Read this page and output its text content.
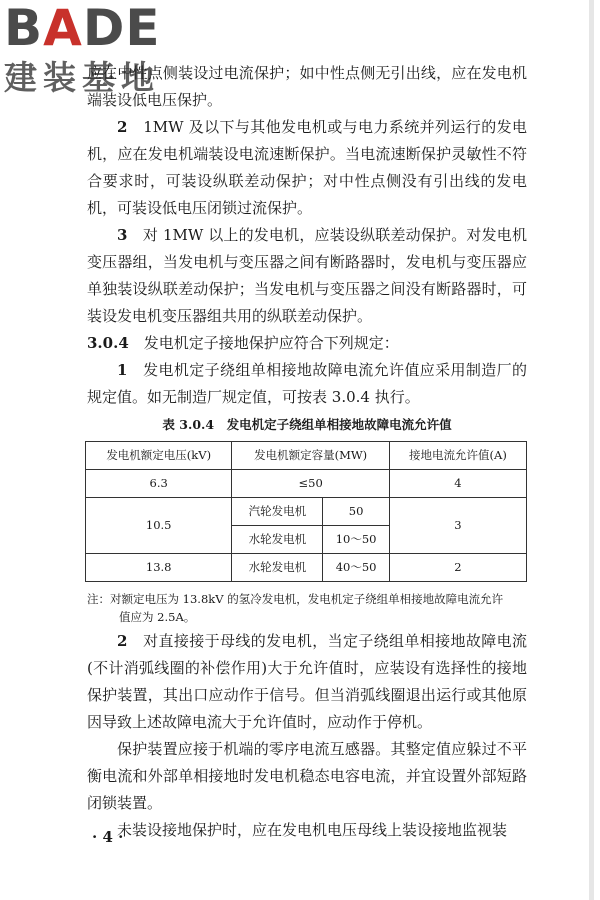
BADE
建装基地

应在中性点侧装设过电流保护；如中性点侧无引出线，应在发电机端装设低电压保护。

2　 1MW 及以下与其他发电机或与电力系统并列运行的发电机，应在发电机端装设电流速断保护。当电流速断保护灵敏性不符合要求时，可装设纵联差动保护；对中性点侧没有引出线的发电机，可装设低电压闭锁过流保护。

3　 对 1MW 以上的发电机，应装设纵联差动保护。对发电机变压器组，当发电机与变压器之间有断路器时，发电机与变压器应单独装设纵联差动保护；当发电机与变压器之间没有断路器时，可装设发电机变压器组共用的纵联差动保护。

3.0.4　 发电机定子接地保护应符合下列规定：

1　 发电机定子绕组单相接地故障电流允许值应采用制造厂的规定值。如无制造厂规定值，可按表 3.0.4 执行。

表 3.0.4　发电机定子绕组单相接地故障电流允许值
发电机额定电压(kV)	发电机额定容量(MW)		接地电流允许值(A)
6.3	≤50		4
10.5	汽轮发电机	50	3
	水轮发电机	10～50	
13.8	水轮发电机	40～50	2
注：对额定电压为 13.8kV 的氢冷发电机，发电机定子绕组单相接地故障电流允许
值应为 2.5A。

2　 对直接接于母线的发电机，当定子绕组单相接地故障电流(不计消弧线圈的补偿作用)大于允许值时，应装设有选择性的接地保护装置，其出口应动作于信号。但当消弧线圈退出运行或其他原因导致上述故障电流大于允许值时，应动作于停机。

保护装置应接于机端的零序电流互感器。其整定值应躲过不平衡电流和外部单相接地时发电机稳态电容电流，并宜设置外部短路闭锁装置。

未装设接地保护时，应在发电机电压母线上装设接地监视装

· 4 ·
